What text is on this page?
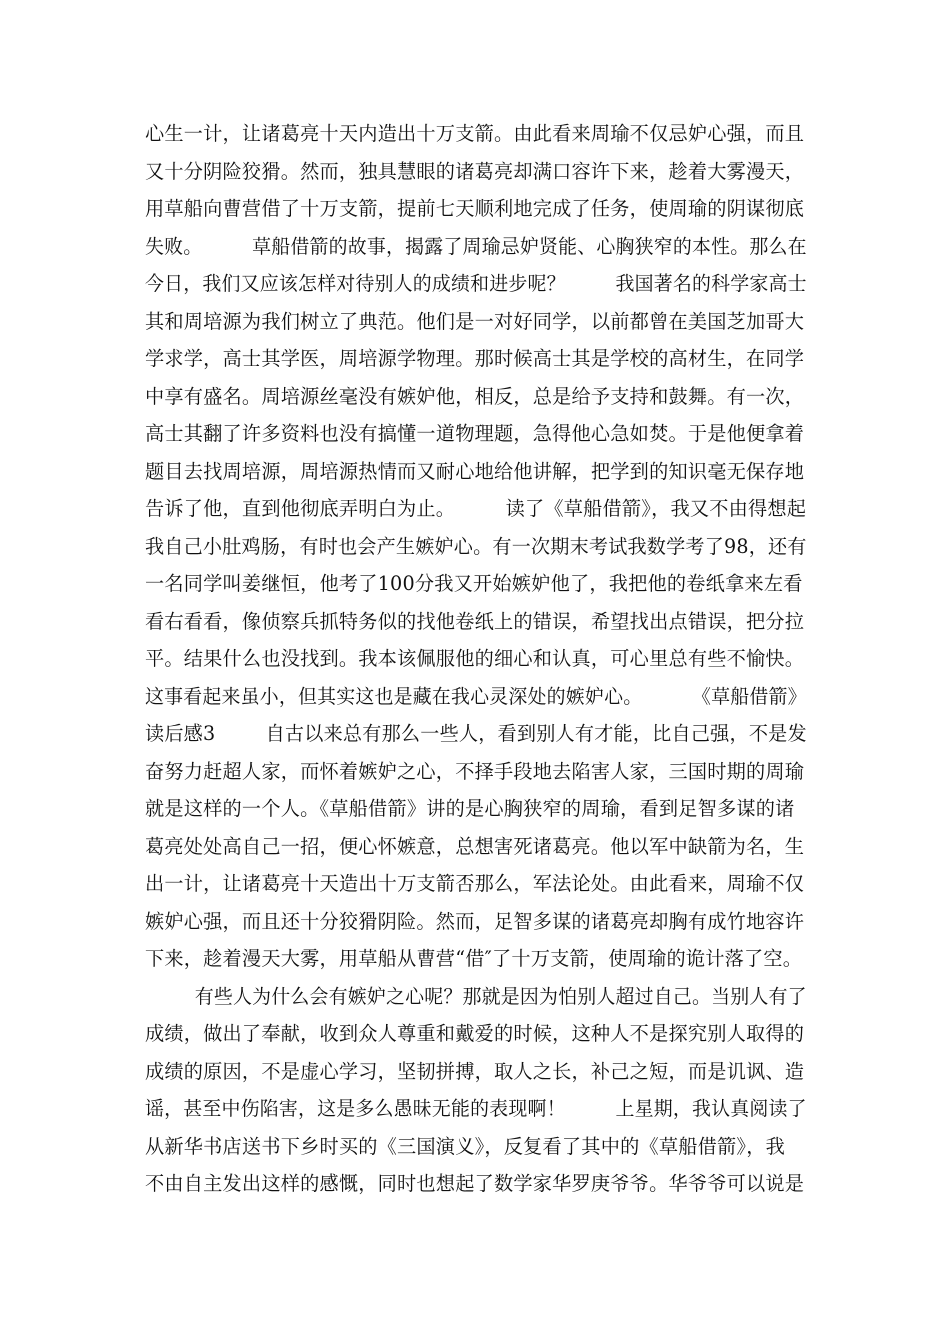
心生一计，让诸葛亮十天内造出十万支箭。由此看来周瑜不仅忌妒心强，而且
又十分阴险狡猾。然而，独具慧眼的诸葛亮却满口容许下来，趁着大雾漫天，
用草船向曹营借了十万支箭，提前七天顺利地完成了任务，使周瑜的阴谋彻底
失败。        草船借箭的故事，揭露了周瑜忌妒贤能、心胸狭窄的本性。那么在
今日，我们又应该怎样对待别人的成绩和进步呢？        我国著名的科学家高士
其和周培源为我们树立了典范。他们是一对好同学，以前都曾在美国芝加哥大
学求学，高士其学医，周培源学物理。那时候高士其是学校的高材生，在同学
中享有盛名。周培源丝毫没有嫉妒他，相反，总是给予支持和鼓舞。有一次，
高士其翻了许多资料也没有搞懂一道物理题，急得他心急如焚。于是他便拿着
题目去找周培源，周培源热情而又耐心地给他讲解，把学到的知识毫无保存地
告诉了他，直到他彻底弄明白为止。        读了《草船借箭》，我又不由得想起
我自己小肚鸡肠，有时也会产生嫉妒心。有一次期末考试我数学考了98，还有
一名同学叫姜继恒，他考了100分我又开始嫉妒他了，我把他的卷纸拿来左看
看右看看，像侦察兵抓特务似的找他卷纸上的错误，希望找出点错误，把分拉
平。结果什么也没找到。我本该佩服他的细心和认真，可心里总有些不愉快。
这事看起来虽小，但其实这也是藏在我心灵深处的嫉妒心。        《草船借箭》
读后感3        自古以来总有那么一些人，看到别人有才能，比自己强，不是发
奋努力赶超人家，而怀着嫉妒之心，不择手段地去陷害人家，三国时期的周瑜
就是这样的一个人。《草船借箭》讲的是心胸狭窄的周瑜，看到足智多谋的诸
葛亮处处高自己一招，便心怀嫉意，总想害死诸葛亮。他以军中缺箭为名，生
出一计，让诸葛亮十天造出十万支箭否那么，军法论处。由此看来，周瑜不仅
嫉妒心强，而且还十分狡猾阴险。然而，足智多谋的诸葛亮却胸有成竹地容许
下来，趁着漫天大雾，用草船从曹营“借″了十万支箭，使周瑜的诡计落了空。
有些人为什么会有嫉妒之心呢？那就是因为怕别人超过自己。当别人有了
成绩，做出了奉献，收到众人尊重和戴爱的时候，这种人不是探究别人取得的
成绩的原因，不是虚心学习，坚韧拼搏，取人之长，补己之短，而是讥讽、造
谣，甚至中伤陷害，这是多么愚昧无能的表现啊！        上星期，我认真阅读了
从新华书店送书下乡时买的《三国演义》，反复看了其中的《草船借箭》，我
不由自主发出这样的感慨，同时也想起了数学家华罗庚爷爷。华爷爷可以说是
